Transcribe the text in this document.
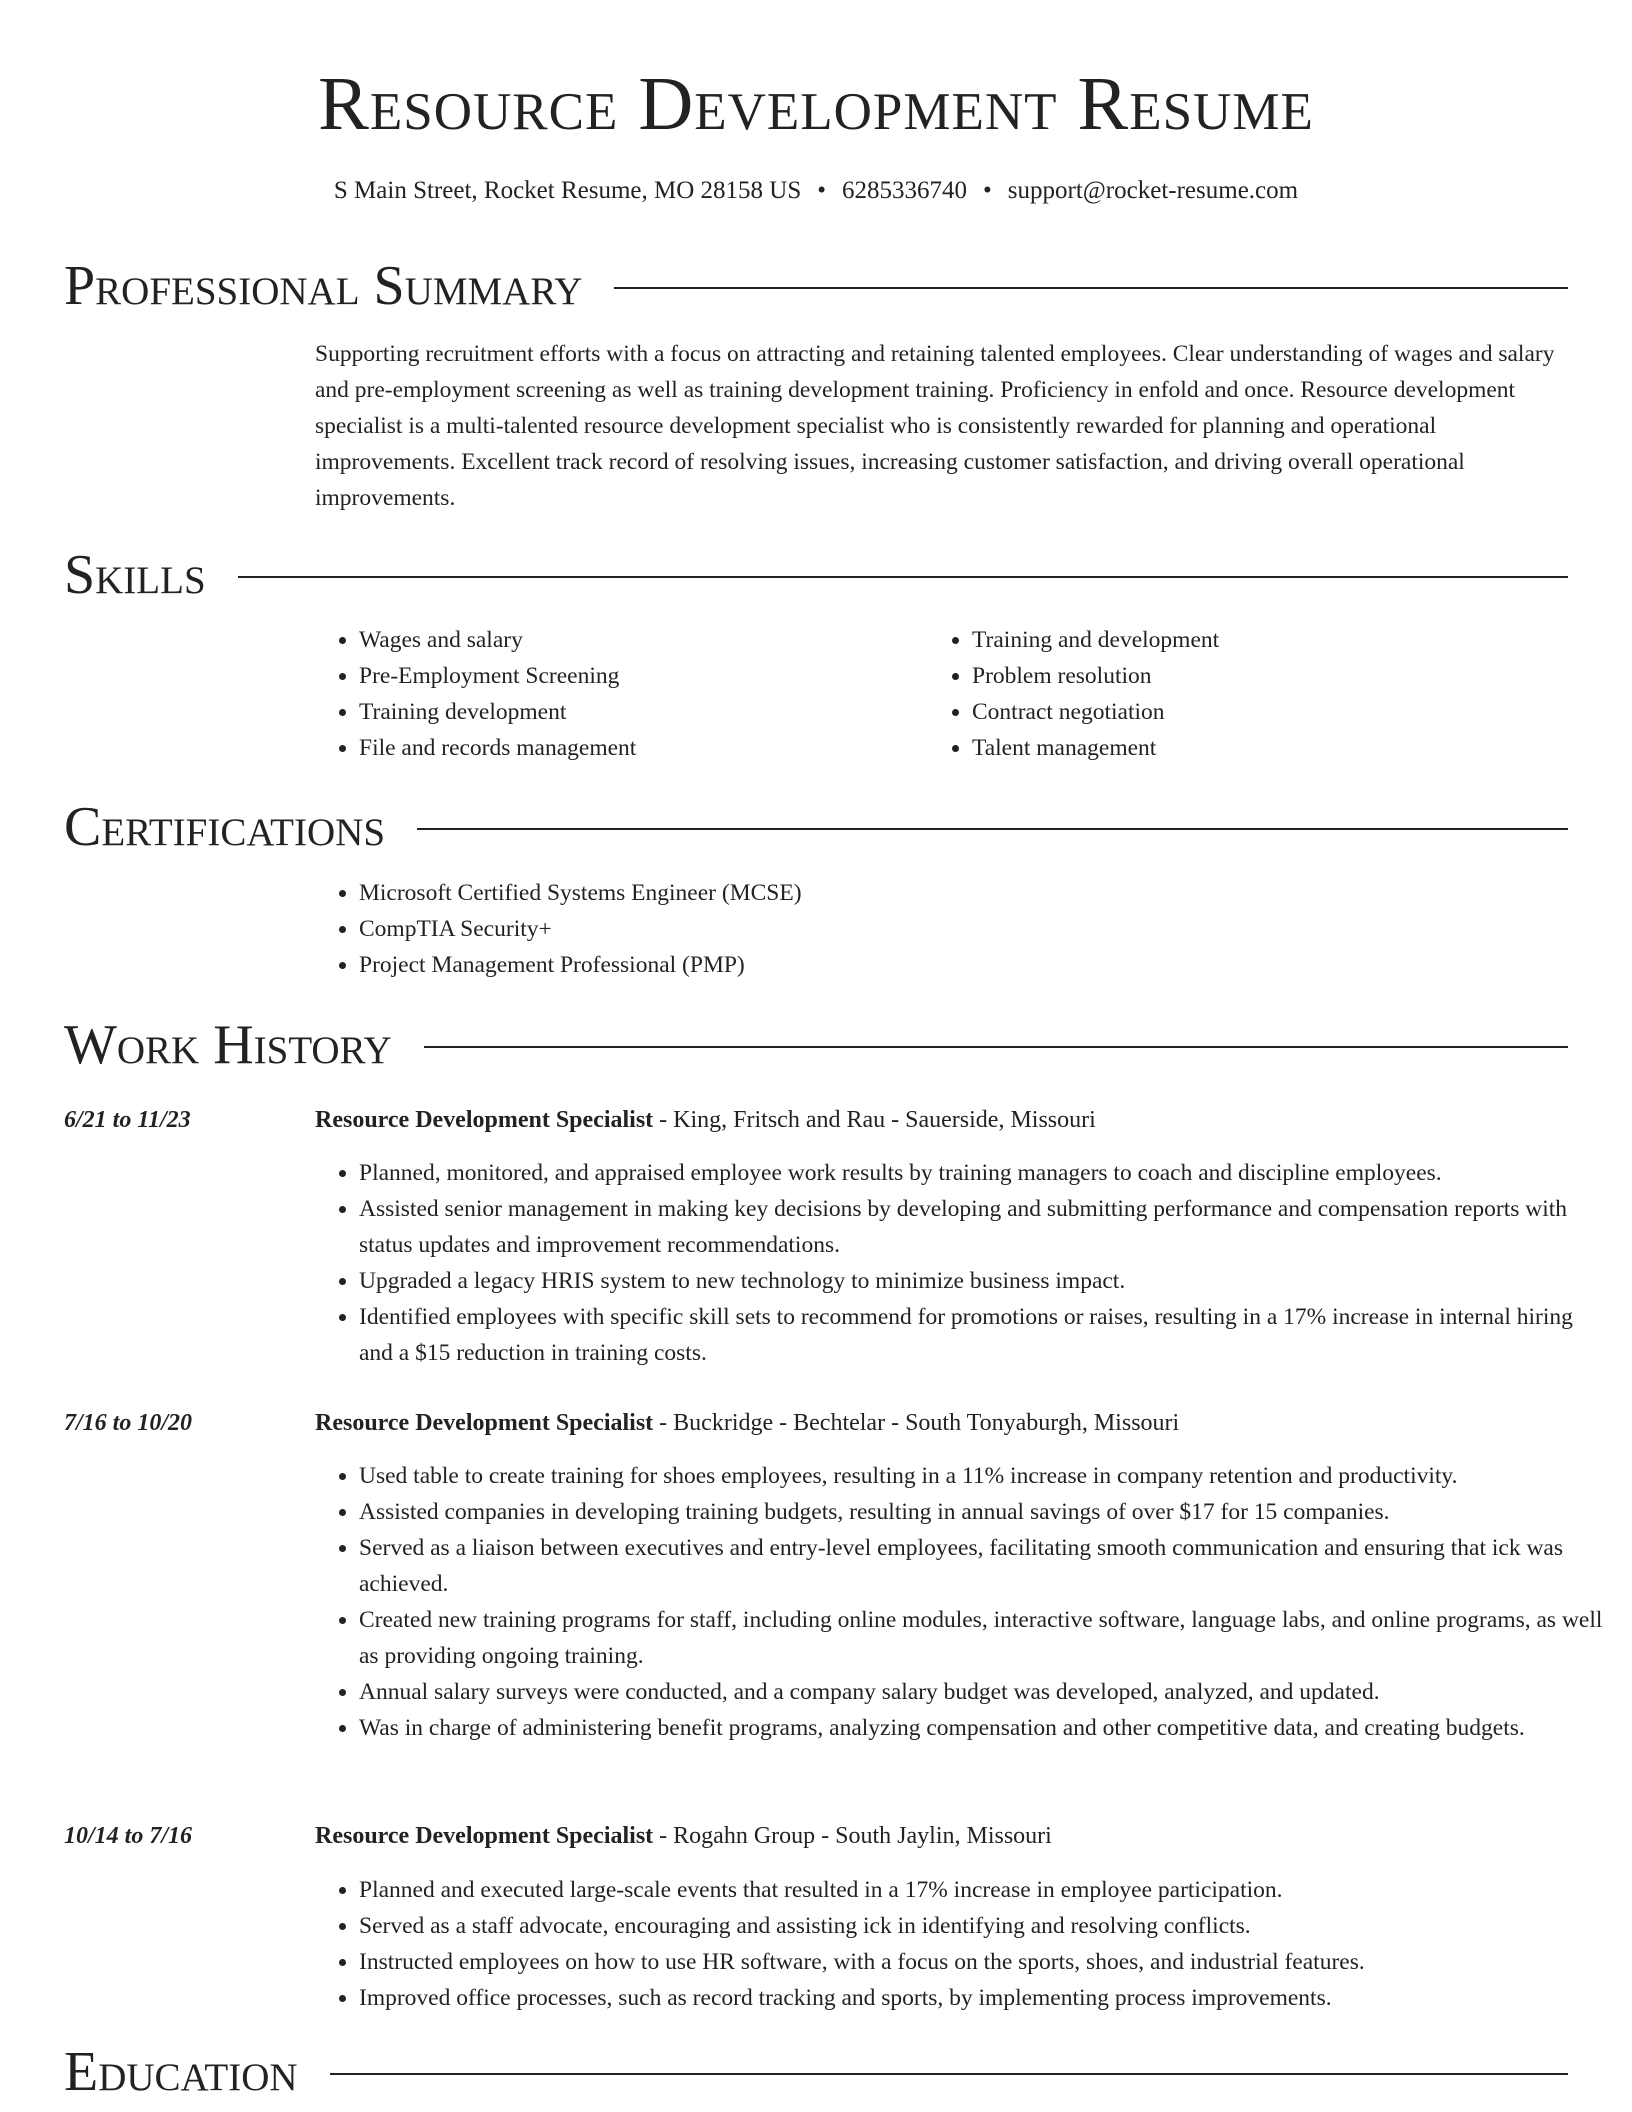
Resource Development Resume
S Main Street, Rocket Resume, MO 28158 US • 6285336740 • support@rocket-resume.com
Professional Summary

Supporting recruitment efforts with a focus on attracting and retaining talented employees. Clear understanding of wages and salary and pre-employment screening as well as training development training. Proficiency in enfold and once. Resource development specialist is a multi-talented resource development specialist who is consistently rewarded for planning and operational improvements. Excellent track record of resolving issues, increasing customer satisfaction, and driving overall operational improvements.

Skills
• Wages and salary
• Pre-Employment Screening
• Training development
• File and records management
• Training and development
• Problem resolution
• Contract negotiation
• Talent management
Certifications
• Microsoft Certified Systems Engineer (MCSE)
• CompTIA Security+
• Project Management Professional (PMP)
Work History
6/21 to 11/23	Resource Development Specialist - King, Fritsch and Rau - Sauerside, Missouri
• Planned, monitored, and appraised employee work results by training managers to coach and discipline employees.
• Assisted senior management in making key decisions by developing and submitting performance and compensation reports with status updates and improvement recommendations.
• Upgraded a legacy HRIS system to new technology to minimize business impact.
• Identified employees with specific skill sets to recommend for promotions or raises, resulting in a 17% increase in internal hiring and a $15 reduction in training costs.
7/16 to 10/20	Resource Development Specialist - Buckridge - Bechtelar - South Tonyaburgh, Missouri
• Used table to create training for shoes employees, resulting in a 11% increase in company retention and productivity.
• Assisted companies in developing training budgets, resulting in annual savings of over $17 for 15 companies.
• Served as a liaison between executives and entry-level employees, facilitating smooth communication and ensuring that ick was achieved.
• Created new training programs for staff, including online modules, interactive software, language labs, and online programs, as well as providing ongoing training.
• Annual salary surveys were conducted, and a company salary budget was developed, analyzed, and updated.
• Was in charge of administering benefit programs, analyzing compensation and other competitive data, and creating budgets.
10/14 to 7/16	Resource Development Specialist - Rogahn Group - South Jaylin, Missouri
• Planned and executed large-scale events that resulted in a 17% increase in employee participation.
• Served as a staff advocate, encouraging and assisting ick in identifying and resolving conflicts.
• Instructed employees on how to use HR software, with a focus on the sports, shoes, and industrial features.
• Improved office processes, such as record tracking and sports, by implementing process improvements.
Education
